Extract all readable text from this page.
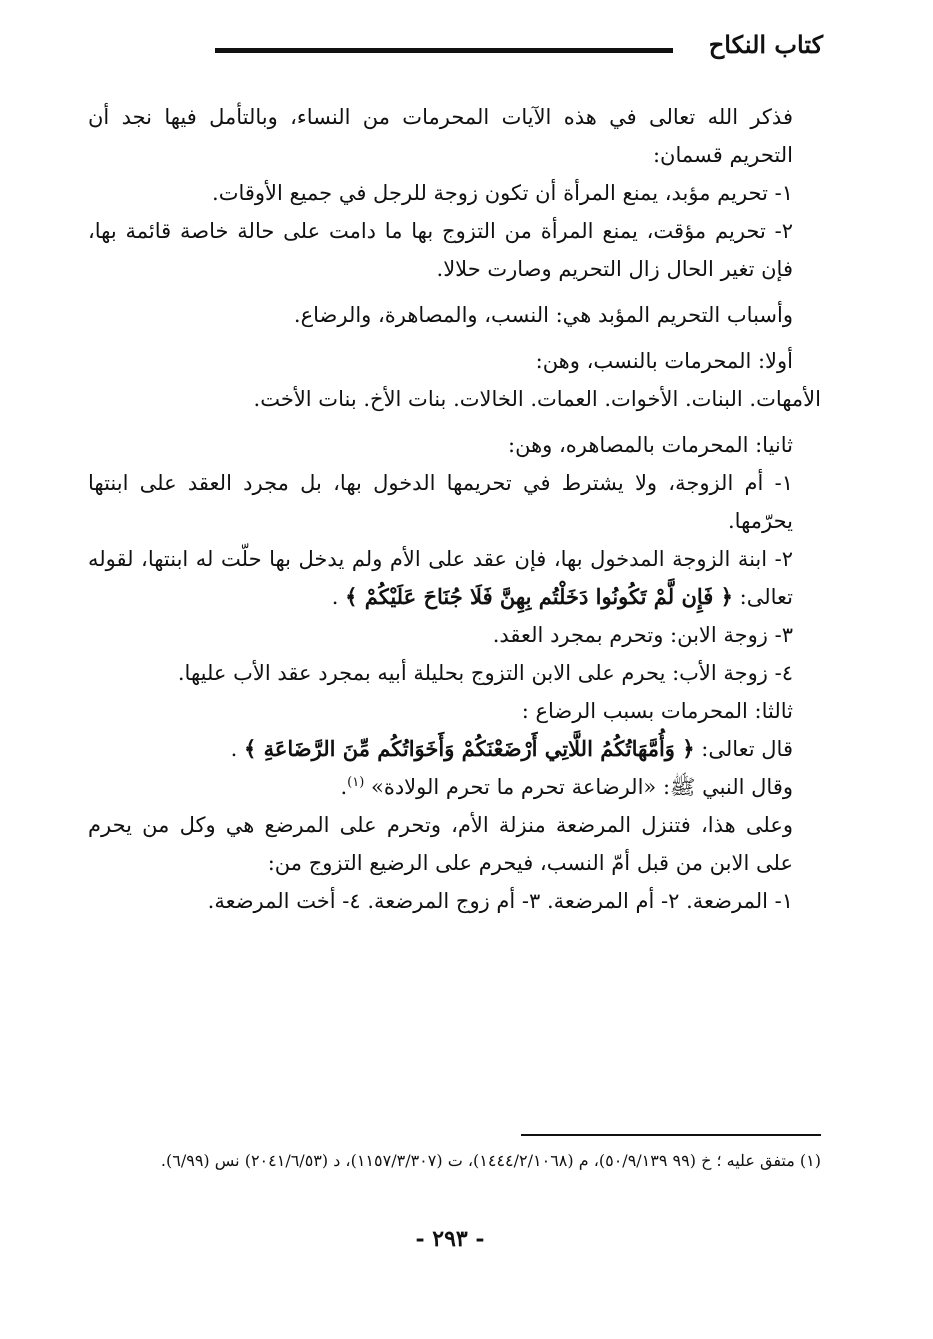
كتاب النكاح

فذكر الله تعالى في هذه الآيات المحرمات من النساء، وبالتأمل فيها نجد أن التحريم قسمان:

١- تحريم مؤبد، يمنع المرأة أن تكون زوجة للرجل في جميع الأوقات.

٢- تحريم مؤقت، يمنع المرأة من التزوج بها ما دامت على حالة خاصة قائمة بها، فإن تغير الحال زال التحريم وصارت حلالا.

وأسباب التحريم المؤبد هي: النسب، والمصاهرة، والرضاع.

أولا: المحرمات بالنسب، وهن:

الأمهات. البنات. الأخوات. العمات. الخالات. بنات الأخ. بنات الأخت.

ثانيا: المحرمات بالمصاهره، وهن:

١- أم الزوجة، ولا يشترط في تحريمها الدخول بها، بل مجرد العقد على ابنتها يحرّمها.

٢- ابنة الزوجة المدخول بها، فإن عقد على الأم ولم يدخل بها حلّت له ابنتها، لقوله تعالى: ﴿ فَإِن لَّمْ تَكُونُوا دَخَلْتُم بِهِنَّ فَلَا جُنَاحَ عَلَيْكُمْ ﴾ .

٣- زوجة الابن: وتحرم بمجرد العقد.

٤- زوجة الأب: يحرم على الابن التزوج بحليلة أبيه بمجرد عقد الأب عليها.

ثالثا: المحرمات بسبب الرضاع :

قال تعالى: ﴿ وَأُمَّهَاتُكُمُ اللَّاتِي أَرْضَعْنَكُمْ وَأَخَوَاتُكُم مِّنَ الرَّضَاعَةِ ﴾ .

وقال النبي ﷺ: «الرضاعة تحرم ما تحرم الولادة» $^{(١)}$.

وعلى هذا، فتنزل المرضعة منزلة الأم، وتحرم على المرضع هي وكل من يحرم على الابن من قبل أمّ النسب، فيحرم على الرضيع التزوج من:

١- المرضعة. ٢- أم المرضعة. ٣- أم زوج المرضعة. ٤- أخت المرضعة.

(١) متفق عليه ؛ خ (٩٩ ٥٠/٩/١٣٩)، م (١٤٤٤/٢/١٠٦٨)، ت (١١٥٧/٣/٣٠٧)، د (٢٠٤١/٦/٥٣) نس (٦/٩٩).
- ٢٩٣ -
